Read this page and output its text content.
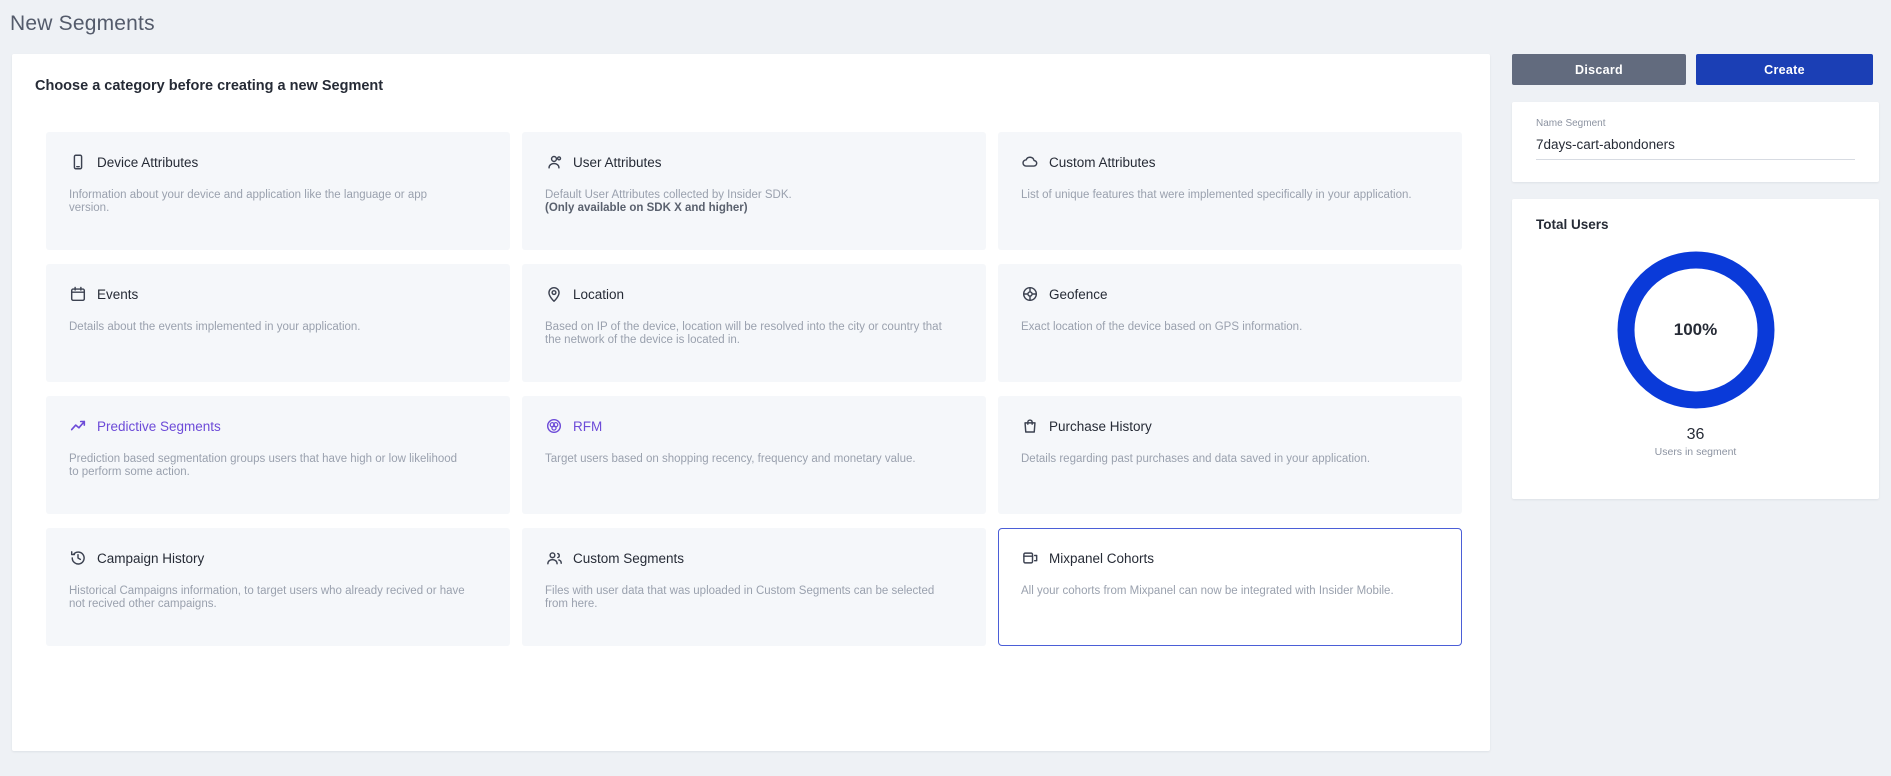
New Segments
Choose a category before creating a new Segment
Device Attributes
Information about your device and application like the language or app version.
User Attributes
Default User Attributes collected by Insider SDK.
(Only available on SDK X and higher)
Custom Attributes
List of unique features that were implemented specifically in your application.
Events
Details about the events implemented in your application.
Location
Based on IP of the device, location will be resolved into the city or country that the network of the device is located in.
Geofence
Exact location of the device based on GPS information.
Predictive Segments
Prediction based segmentation groups users that have high or low likelihood to perform some action.
RFM
Target users based on shopping recency, frequency and monetary value.
Purchase History
Details regarding past purchases and data saved in your application.
Campaign History
Historical Campaigns information, to target users who already recived or have not recived other campaigns.
Custom Segments
Files with user data that was uploaded in Custom Segments can be selected from here.
Mixpanel Cohorts
All your cohorts from Mixpanel can now be integrated with Insider Mobile.
Discard	Create
Name Segment
7days-cart-abondoners
Total Users
100%
36
Users in segment
